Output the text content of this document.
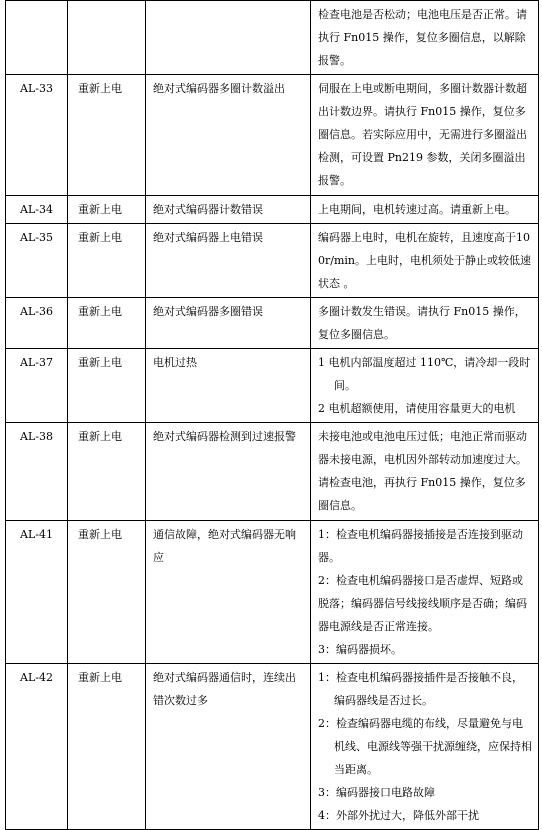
			检查电池是否松动；电池电压是否正常。请执行 Fn015 操作，复位多圈信息，以解除报警。

AL-33	重新上电	绝对式编码器多圈计数溢出	伺服在上电或断电期间，多圈计数器计数超出计数边界。请执行 Fn015 操作，复位多圈信息。若实际应用中，无需进行多圈溢出检测，可设置 Pn219 参数，关闭多圈溢出报警。

AL-34	重新上电	绝对式编码器计数错误	上电期间，电机转速过高。请重新上电。

AL-35	重新上电	绝对式编码器上电错误	编码器上电时，电机在旋转，且速度高于100r/min。上电时，电机须处于静止或较低速状态 。

AL-36	重新上电	绝对式编码器多圈错误	多圈计数发生错误。请执行 Fn015 操作，复位多圈信息。

AL-37	重新上电	电机过热	1 电机内部温度超过 110℃，请冷却一段时间。
2 电机超额使用，请使用容量更大的电机

AL-38	重新上电	绝对式编码器检测到过速报警	未接电池或电池电压过低；电池正常而驱动器未接电源，电机因外部转动加速度过大。请检查电池，再执行 Fn015 操作，复位多圈信息。

AL-41	重新上电	通信故障，绝对式编码器无响应	1：检查电机编码器接插接是否连接到驱动器。
2：检查电机编码器接口是否虚焊、短路或脱落；编码器信号线接线顺序是否确；编码器电源线是否正常连接。
3：编码器损坏。

AL-42	重新上电	绝对式编码器通信时，连续出错次数过多	1：检查电机编码器接插件是否接触不良，编码器线是否过长。
2：检查编码器电缆的布线，尽量避免与电机线、电源线等强干扰源缠绕，应保持相当距离。
3：编码器接口电路故障
4：外部外扰过大，降低外部干扰
